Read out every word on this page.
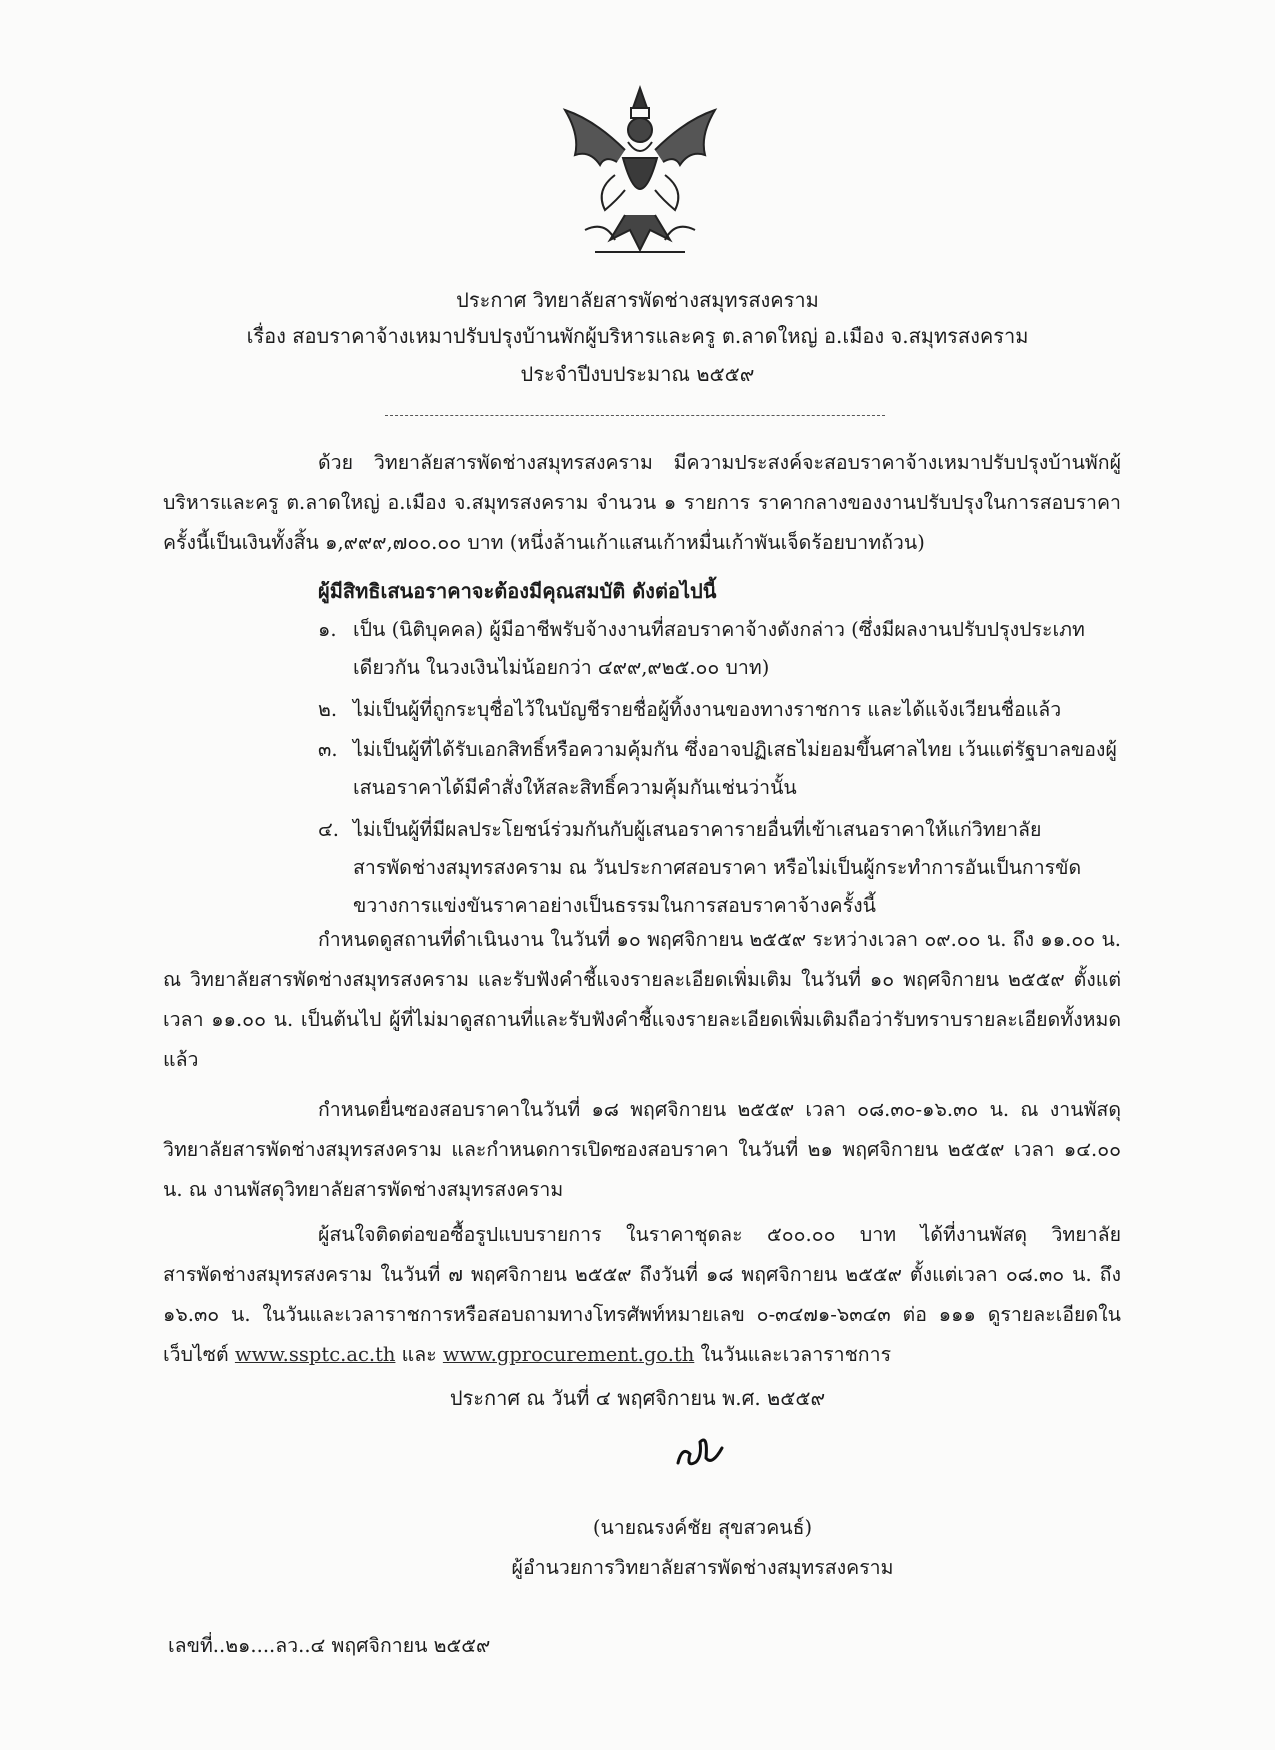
ประกาศ วิทยาลัยสารพัดช่างสมุทรสงคราม
เรื่อง สอบราคาจ้างเหมาปรับปรุงบ้านพักผู้บริหารและครู ต.ลาดใหญ่ อ.เมือง จ.สมุทรสงคราม
ประจำปีงบประมาณ ๒๕๕๙
ด้วย วิทยาลัยสารพัดช่างสมุทรสงคราม มีความประสงค์จะสอบราคาจ้างเหมาปรับปรุงบ้านพักผู้บริหารและครู ต.ลาดใหญ่ อ.เมือง จ.สมุทรสงคราม จำนวน ๑ รายการ ราคากลางของงานปรับปรุงในการสอบราคาครั้งนี้เป็นเงินทั้งสิ้น ๑,๙๙๙,๗๐๐.๐๐ บาท (หนึ่งล้านเก้าแสนเก้าหมื่นเก้าพันเจ็ดร้อยบาทถ้วน)
ผู้มีสิทธิเสนอราคาจะต้องมีคุณสมบัติ ดังต่อไปนี้
๑. เป็น (นิติบุคคล) ผู้มีอาชีพรับจ้างงานที่สอบราคาจ้างดังกล่าว (ซึ่งมีผลงานปรับปรุงประเภทเดียวกัน ในวงเงินไม่น้อยกว่า ๔๙๙,๙๒๕.๐๐ บาท)
๒. ไม่เป็นผู้ที่ถูกระบุชื่อไว้ในบัญชีรายชื่อผู้ทิ้งงานของทางราชการ และได้แจ้งเวียนชื่อแล้ว
๓. ไม่เป็นผู้ที่ได้รับเอกสิทธิ์หรือความคุ้มกัน ซึ่งอาจปฏิเสธไม่ยอมขึ้นศาลไทย เว้นแต่รัฐบาลของผู้เสนอราคาได้มีคำสั่งให้สละสิทธิ์ความคุ้มกันเช่นว่านั้น
๔. ไม่เป็นผู้ที่มีผลประโยชน์ร่วมกันกับผู้เสนอราคารายอื่นที่เข้าเสนอราคาให้แก่วิทยาลัยสารพัดช่างสมุทรสงคราม ณ วันประกาศสอบราคา หรือไม่เป็นผู้กระทำการอันเป็นการขัดขวางการแข่งขันราคาอย่างเป็นธรรมในการสอบราคาจ้างครั้งนี้
กำหนดดูสถานที่ดำเนินงาน ในวันที่ ๑๐ พฤศจิกายน ๒๕๕๙ ระหว่างเวลา ๐๙.๐๐ น. ถึง ๑๑.๐๐ น. ณ วิทยาลัยสารพัดช่างสมุทรสงคราม และรับฟังคำชี้แจงรายละเอียดเพิ่มเติม ในวันที่ ๑๐ พฤศจิกายน ๒๕๕๙ ตั้งแต่เวลา ๑๑.๐๐ น. เป็นต้นไป ผู้ที่ไม่มาดูสถานที่และรับฟังคำชี้แจงรายละเอียดเพิ่มเติมถือว่ารับทราบรายละเอียดทั้งหมดแล้ว
กำหนดยื่นซองสอบราคาในวันที่ ๑๘ พฤศจิกายน ๒๕๕๙ เวลา ๐๘.๓๐-๑๖.๓๐ น. ณ งานพัสดุ วิทยาลัยสารพัดช่างสมุทรสงคราม และกำหนดการเปิดซองสอบราคา ในวันที่ ๒๑ พฤศจิกายน ๒๕๕๙ เวลา ๑๔.๐๐ น. ณ งานพัสดุวิทยาลัยสารพัดช่างสมุทรสงคราม
ผู้สนใจติดต่อขอซื้อรูปแบบรายการ ในราคาชุดละ ๕๐๐.๐๐ บาท ได้ที่งานพัสดุ วิทยาลัยสารพัดช่างสมุทรสงคราม ในวันที่ ๗ พฤศจิกายน ๒๕๕๙ ถึงวันที่ ๑๘ พฤศจิกายน ๒๕๕๙ ตั้งแต่เวลา ๐๘.๓๐ น. ถึง ๑๖.๓๐ น. ในวันและเวลาราชการหรือสอบถามทางโทรศัพท์หมายเลข ๐-๓๔๗๑-๖๓๔๓ ต่อ ๑๑๑ ดูรายละเอียดในเว็บไซต์ www.ssptc.ac.th และ www.gprocurement.go.th ในวันและเวลาราชการ
ประกาศ ณ วันที่ ๔ พฤศจิกายน พ.ศ. ๒๕๕๙
(นายณรงค์ชัย สุขสวคนธ์)
ผู้อำนวยการวิทยาลัยสารพัดช่างสมุทรสงคราม
เลขที่..๒๑....ลว..๔ พฤศจิกายน ๒๕๕๙
